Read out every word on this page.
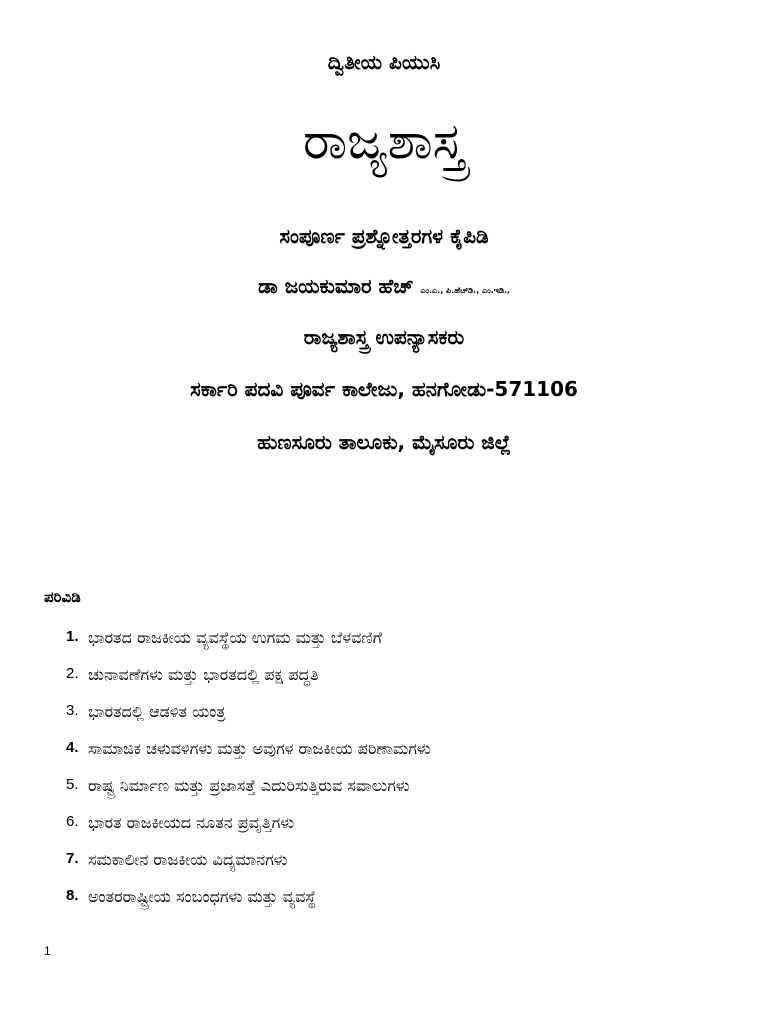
ದ್ವಿತೀಯ ಪಿಯುಸಿ
ರಾಜ್ಯಶಾಸ್ತ್ರ
ಸಂಪೂರ್ಣ ಪ್ರಶ್ನೋತ್ತರಗಳ ಕೈಪಿಡಿ
ಡಾ ಜಯಕುಮಾರ ಹೆಚ್ ಎಂ.ಎ., ಪಿ.ಹೆಚ್‌ಡಿ., ಎಂ.ಇಡಿ.,
ರಾಜ್ಯಶಾಸ್ತ್ರ ಉಪನ್ಯಾಸಕರು
ಸರ್ಕಾರಿ ಪದವಿ ಪೂರ್ವ ಕಾಲೇಜು, ಹನಗೋಡು-571106
ಹುಣಸೂರು ತಾಲೂಕು, ಮೈಸೂರು ಜಿಲ್ಲೆ
ಪರಿವಿಡಿ
1. ಭಾರತದ ರಾಜಕೀಯ ವ್ಯವಸ್ಥೆಯ ಉಗಮ ಮತ್ತು ಬೆಳವಣಿಗೆ
2. ಚುನಾವಣೆಗಳು ಮತ್ತು ಭಾರತದಲ್ಲಿ ಪಕ್ಷ ಪದ್ಧತಿ
3. ಭಾರತದಲ್ಲಿ ಆಡಳಿತ ಯಂತ್ರ
4. ಸಾಮಾಜಿಕ ಚಳುವಳಿಗಳು ಮತ್ತು ಅವುಗಳ ರಾಜಕೀಯ ಪರಿಣಾಮಗಳು
5. ರಾಷ್ಟ್ರ ನಿರ್ಮಾಣ ಮತ್ತು ಪ್ರಜಾಸತ್ತೆ ಎದುರಿಸುತ್ತಿರುವ ಸವಾಲುಗಳು
6. ಭಾರತ ರಾಜಕೀಯದ ನೂತನ ಪ್ರವೃತ್ತಿಗಳು
7. ಸಮಕಾಲೀನ ರಾಜಕೀಯ ವಿದ್ಯಮಾನಗಳು
8. ಅಂತರರಾಷ್ಟ್ರೀಯ ಸಂಬಂಧಗಳು ಮತ್ತು ವ್ಯವಸ್ಥೆ
1
